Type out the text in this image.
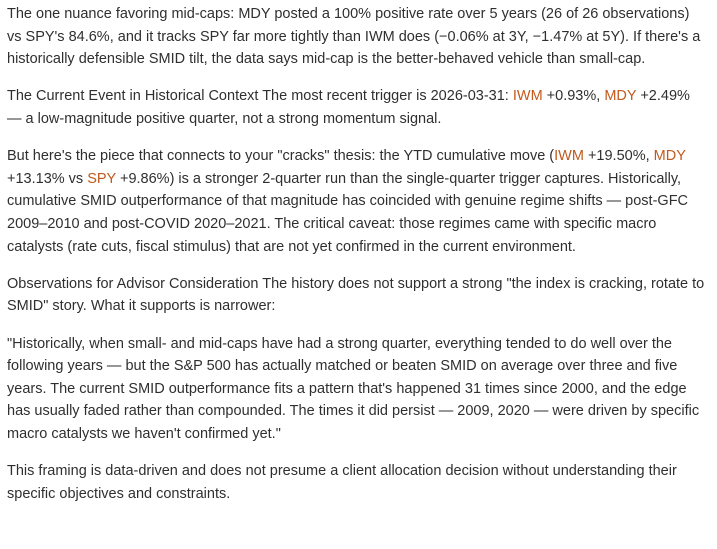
The one nuance favoring mid-caps: MDY posted a 100% positive rate over 5 years (26 of 26 observations) vs SPY's 84.6%, and it tracks SPY far more tightly than IWM does (−0.06% at 3Y, −1.47% at 5Y). If there's a historically defensible SMID tilt, the data says mid-cap is the better-behaved vehicle than small-cap.

The Current Event in Historical Context The most recent trigger is 2026-03-31: IWM +0.93%, MDY +2.49% — a low-magnitude positive quarter, not a strong momentum signal.

But here's the piece that connects to your "cracks" thesis: the YTD cumulative move (IWM +19.50%, MDY +13.13% vs SPY +9.86%) is a stronger 2-quarter run than the single-quarter trigger captures. Historically, cumulative SMID outperformance of that magnitude has coincided with genuine regime shifts — post-GFC 2009–2010 and post-COVID 2020–2021. The critical caveat: those regimes came with specific macro catalysts (rate cuts, fiscal stimulus) that are not yet confirmed in the current environment.

Observations for Advisor Consideration The history does not support a strong "the index is cracking, rotate to SMID" story. What it supports is narrower:

"Historically, when small- and mid-caps have had a strong quarter, everything tended to do well over the following years — but the S&P 500 has actually matched or beaten SMID on average over three and five years. The current SMID outperformance fits a pattern that's happened 31 times since 2000, and the edge has usually faded rather than compounded. The times it did persist — 2009, 2020 — were driven by specific macro catalysts we haven't confirmed yet."

This framing is data-driven and does not presume a client allocation decision without understanding their specific objectives and constraints.
